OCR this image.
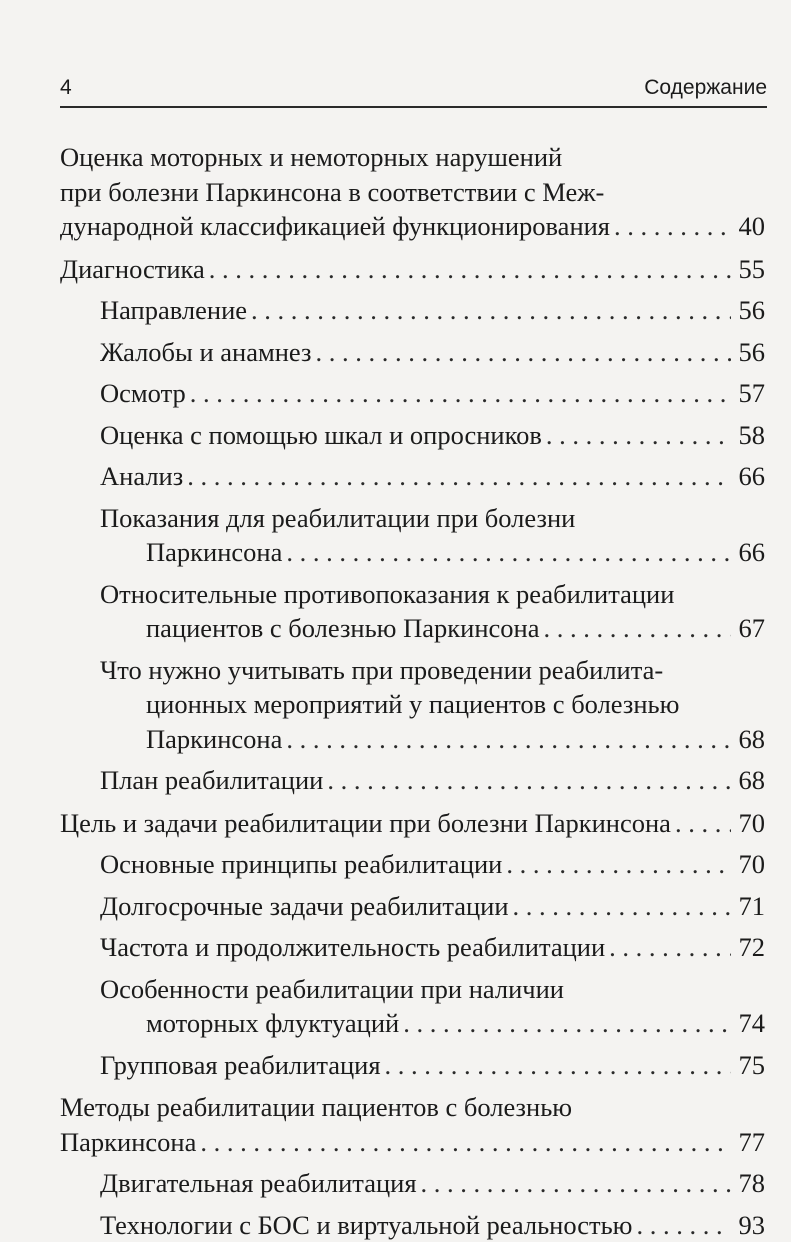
4	Содержание
Оценка моторных и немоторных нарушений
при болезни Паркинсона в соответствии с Меж-
дународной классификацией функционирования . . .	40
Диагностика . . .	55
Направление . . .	56
Жалобы и анамнез . . .	56
Осмотр . . .	57
Оценка с помощью шкал и опросников . . .	58
Анализ . . .	66
Показания для реабилитации при болезни
Паркинсона . . .	66
Относительные противопоказания к реабилитации
пациентов с болезнью Паркинсона . . .	67
Что нужно учитывать при проведении реабилита-
ционных мероприятий у пациентов с болезнью
Паркинсона . . .	68
План реабилитации . . .	68
Цель и задачи реабилитации при болезни Паркинсона . . .	70
Основные принципы реабилитации . . .	70
Долгосрочные задачи реабилитации . . .	71
Частота и продолжительность реабилитации . . .	72
Особенности реабилитации при наличии
моторных флуктуаций . . .	74
Групповая реабилитация . . .	75
Методы реабилитации пациентов с болезнью
Паркинсона . . .	77
Двигательная реабилитация . . .	78
Технологии с БОС и виртуальной реальностью . . .	93
